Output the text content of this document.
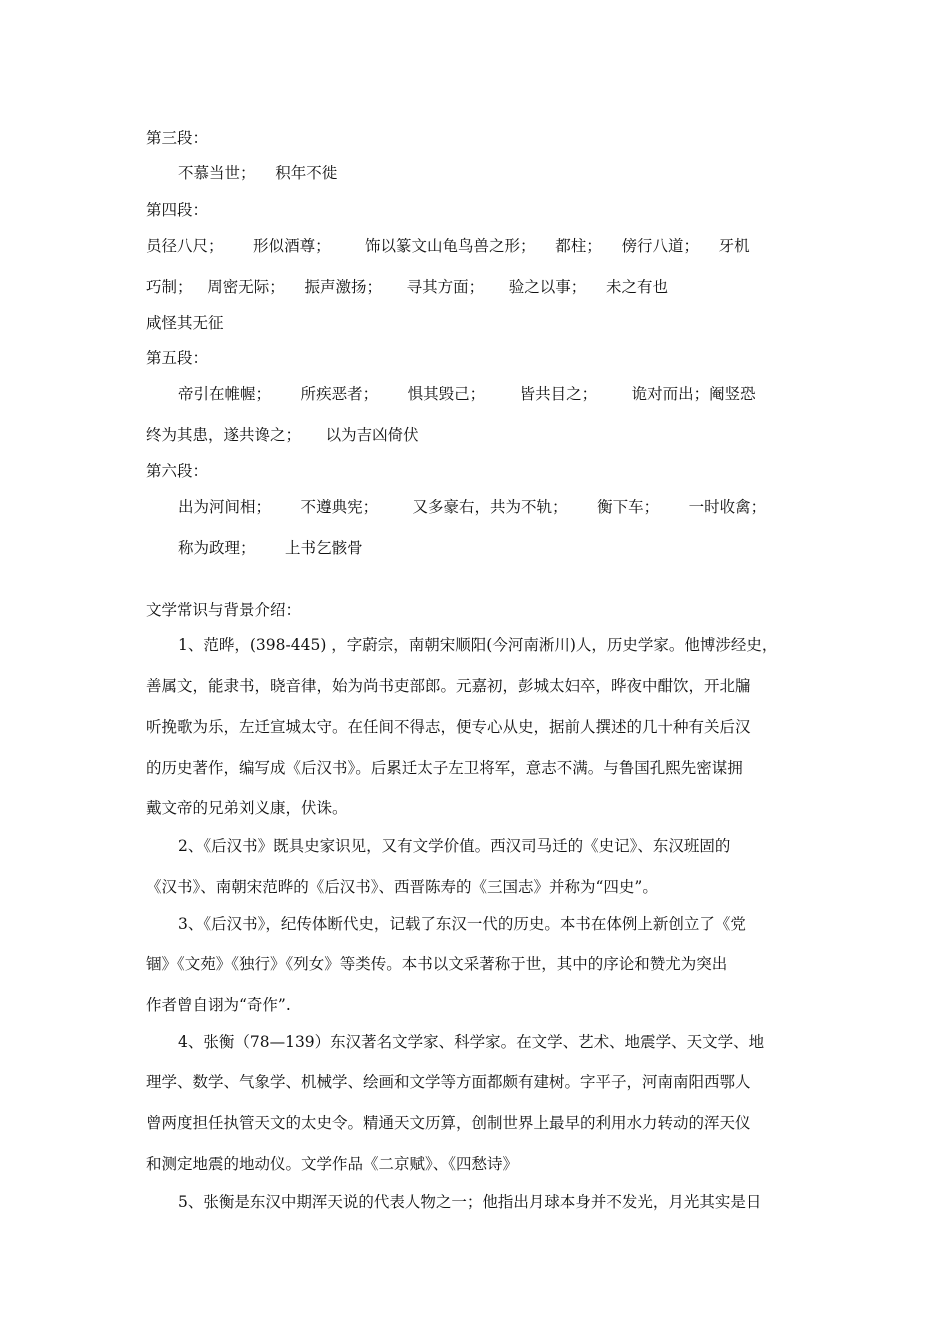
第三段：
不慕当世；    积年不徙
第四段：
员径八尺；      形似酒尊；       饰以篆文山龟鸟兽之形；    都柱；    傍行八道；    牙机
巧制；   周密无际；    振声激扬；     寻其方面；     验之以事；    未之有也
咸怪其无征
第五段：
帝引在帷幄；      所疾恶者；      惧其毁己；       皆共目之；       诡对而出；阉竖恐
终为其患，遂共谗之；     以为吉凶倚伏
第六段：
出为河间相；      不遵典宪；       又多豪右，共为不轨；      衡下车；      一时收禽；
称为政理；      上书乞骸骨
文学常识与背景介绍：
1、范晔，(398-445) ，字蔚宗，南朝宋顺阳(今河南淅川)人，历史学家。他博涉经史，
善属文，能隶书，晓音律，始为尚书吏部郎。元嘉初，彭城太妇卒，晔夜中酣饮，开北牖
听挽歌为乐，左迁宣城太守。在任间不得志，便专心从史，据前人撰述的几十种有关后汉
的历史著作，编写成《后汉书》。后累迁太子左卫将军，意志不满。与鲁国孔熙先密谋拥
戴文帝的兄弟刘义康，伏诛。
2、《后汉书》既具史家识见，又有文学价值。西汉司马迁的《史记》、东汉班固的
《汉书》、南朝宋范晔的《后汉书》、西晋陈寿的《三国志》并称为“四史”。
3、《后汉书》，纪传体断代史，记载了东汉一代的历史。本书在体例上新创立了《党
锢》《文苑》《独行》《列女》等类传。本书以文采著称于世，其中的序论和赞尤为突出
作者曾自诩为“奇作”.
4、张衡（78—139）东汉著名文学家、科学家。在文学、艺术、地震学、天文学、地
理学、数学、气象学、机械学、绘画和文学等方面都颇有建树。字平子，河南南阳西鄂人
曾两度担任执管天文的太史令。精通天文历算，创制世界上最早的利用水力转动的浑天仪
和测定地震的地动仪。文学作品《二京赋》、《四愁诗》
5、张衡是东汉中期浑天说的代表人物之一；他指出月球本身并不发光，月光其实是日
